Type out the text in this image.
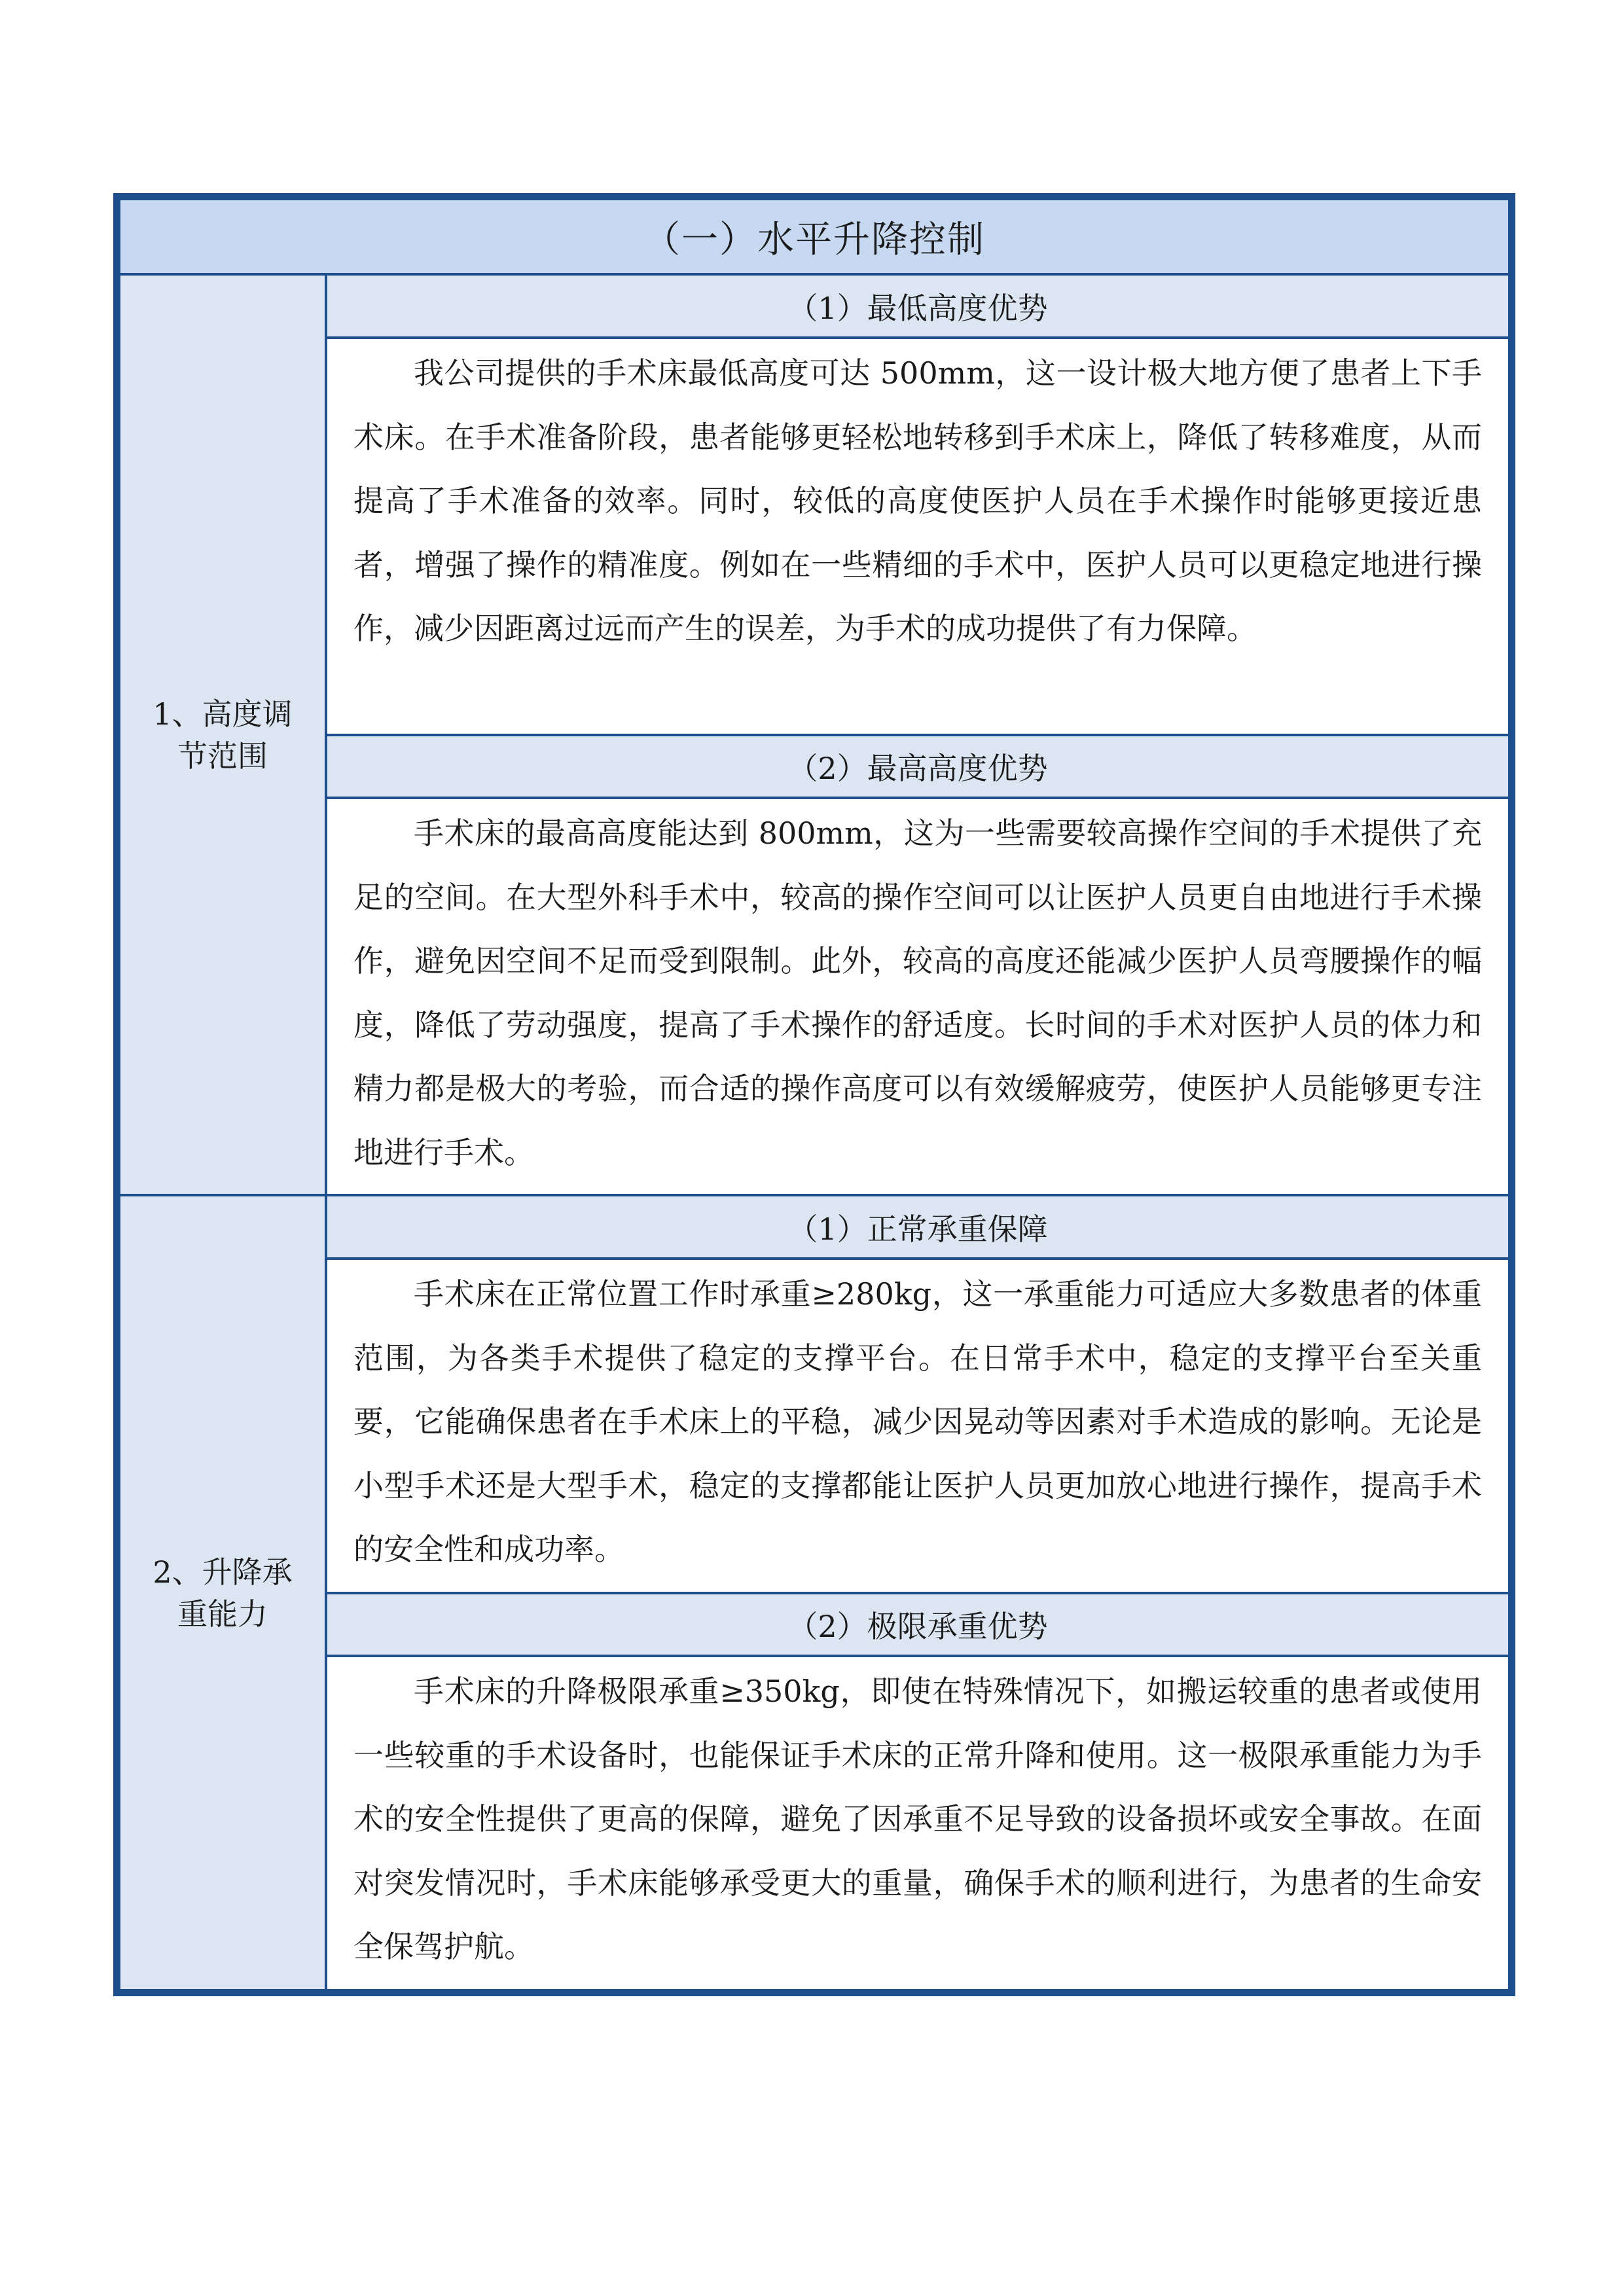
（一）水平升降控制	
1、高度调节范围	（1）最低高度优势
	我公司提供的手术床最低高度可达 500mm，这一设计极大地方便了患者上下手术床。在手术准备阶段，患者能够更轻松地转移到手术床上，降低了转移难度，从而提高了手术准备的效率。同时，较低的高度使医护人员在手术操作时能够更接近患者，增强了操作的精准度。例如在一些精细的手术中，医护人员可以更稳定地进行操作，减少因距离过远而产生的误差，为手术的成功提供了有力保障。
	（2）最高高度优势
	手术床的最高高度能达到 800mm，这为一些需要较高操作空间的手术提供了充足的空间。在大型外科手术中，较高的操作空间可以让医护人员更自由地进行手术操作，避免因空间不足而受到限制。此外，较高的高度还能减少医护人员弯腰操作的幅度，降低了劳动强度，提高了手术操作的舒适度。长时间的手术对医护人员的体力和精力都是极大的考验，而合适的操作高度可以有效缓解疲劳，使医护人员能够更专注地进行手术。
2、升降承重能力	（1）正常承重保障
	手术床在正常位置工作时承重≥280kg，这一承重能力可适应大多数患者的体重范围，为各类手术提供了稳定的支撑平台。在日常手术中，稳定的支撑平台至关重要，它能确保患者在手术床上的平稳，减少因晃动等因素对手术造成的影响。无论是小型手术还是大型手术，稳定的支撑都能让医护人员更加放心地进行操作，提高手术的安全性和成功率。
	（2）极限承重优势
	手术床的升降极限承重≥350kg，即使在特殊情况下，如搬运较重的患者或使用一些较重的手术设备时，也能保证手术床的正常升降和使用。这一极限承重能力为手术的安全性提供了更高的保障，避免了因承重不足导致的设备损坏或安全事故。在面对突发情况时，手术床能够承受更大的重量，确保手术的顺利进行，为患者的生命安全保驾护航。
